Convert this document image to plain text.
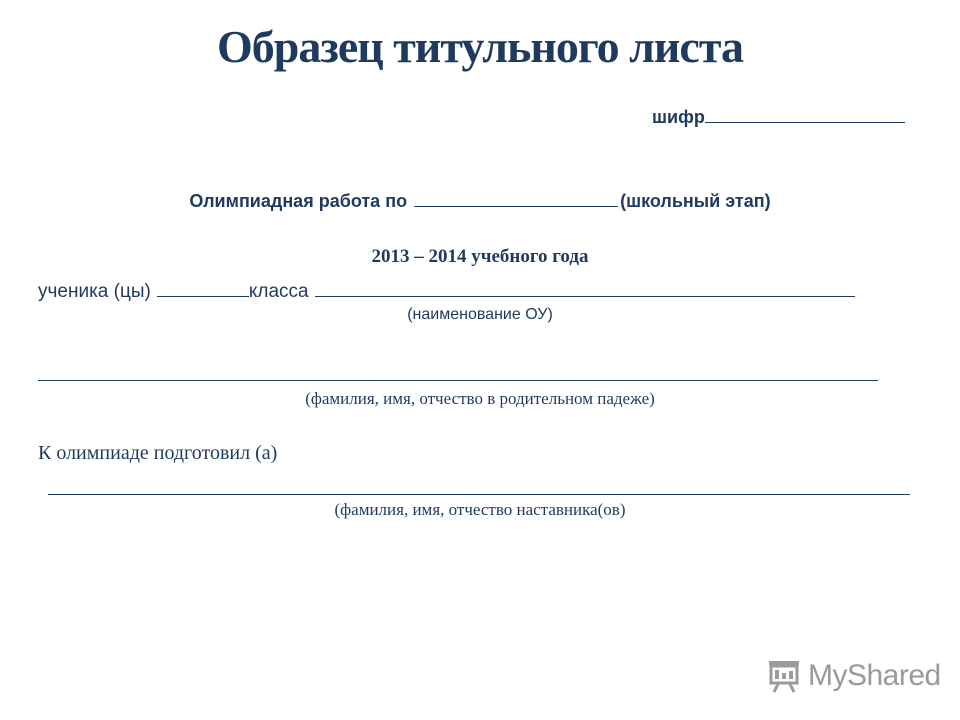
Образец титульного листа
шифр
Олимпиадная работа по	(школьный этап)
2013 – 2014 учебного года
ученика (цы)	класса
(наименование ОУ)
(фамилия, имя, отчество в родительном падеже)
К олимпиаде подготовил (а)
(фамилия, имя, отчество наставника(ов)
MyShared
